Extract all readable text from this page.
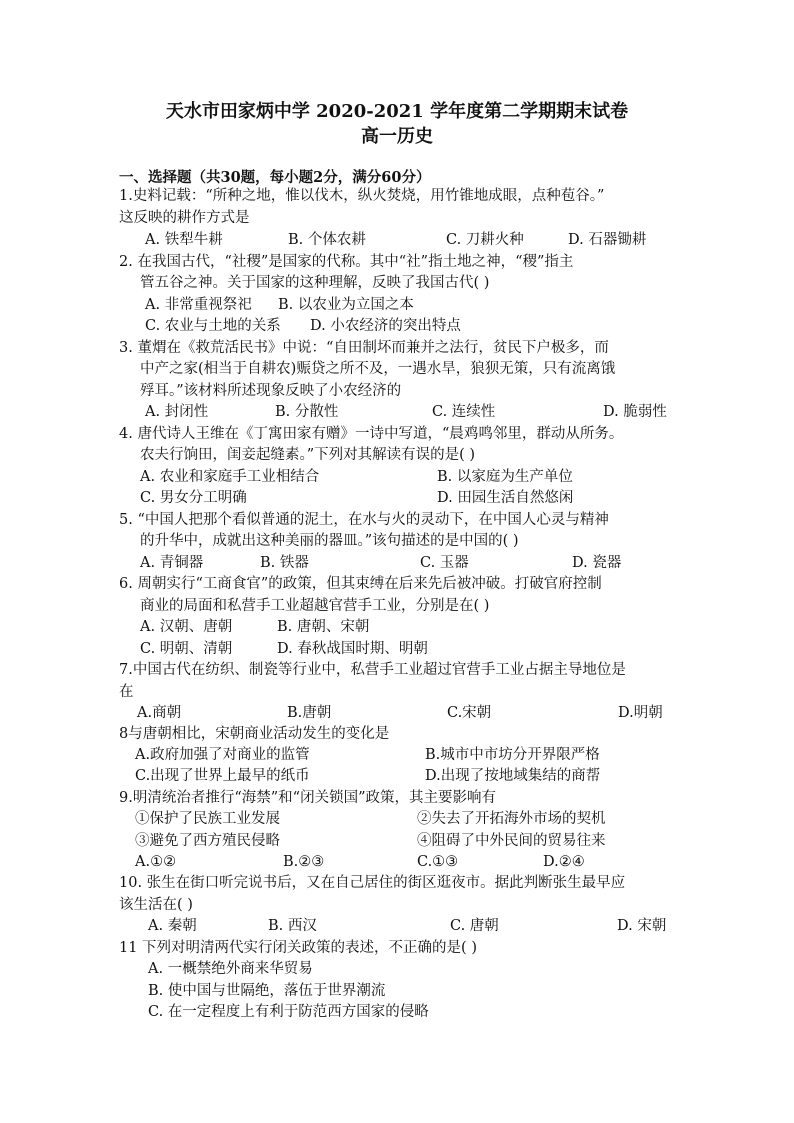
天水市田家炳中学 2020-2021 学年度第二学期期末试卷
高一历史
一、选择题（共30题，每小题2分，满分60分）
1.史料记载：“所种之地，惟以伐木，纵火焚烧，用竹锥地成眼，点种苞谷。”
这反映的耕作方式是
A. 铁犁牛耕	B. 个体农耕	C. 刀耕火种	D. 石器锄耕
2. 在我国古代，“社稷”是国家的代称。其中“社”指土地之神，“稷”指主
管五谷之神。关于国家的这种理解，反映了我国古代( )
A. 非常重视祭祀 B. 以农业为立国之本
C. 农业与土地的关系 D. 小农经济的突出特点
3. 董煟在《救荒活民书》中说：“自田制坏而兼并之法行，贫民下户极多，而
中产之家(相当于自耕农)赈贷之所不及，一遇水旱，狼狈无策，只有流离饿
殍耳。”该材料所述现象反映了小农经济的
A. 封闭性	B. 分散性	C. 连续性	D. 脆弱性
4. 唐代诗人王维在《丁寓田家有赠》一诗中写道，“晨鸡鸣邻里，群动从所务。
农夫行饷田，闺妾起缝素。”下列对其解读有误的是( )
A. 农业和家庭手工业相结合	B. 以家庭为生产单位
C. 男女分工明确	D. 田园生活自然悠闲
5. “中国人把那个看似普通的泥土，在水与火的灵动下，在中国人心灵与精神
的升华中，成就出这种美丽的器皿。”该句描述的是中国的( )
A. 青铜器	B. 铁器	C. 玉器	D. 瓷器
6. 周朝实行“工商食官”的政策，但其束缚在后来先后被冲破。打破官府控制
商业的局面和私营手工业超越官营手工业，分别是在( )
A. 汉朝、唐朝	B. 唐朝、宋朝
C. 明朝、清朝	D. 春秋战国时期、明朝
7.中国古代在纺织、制瓷等行业中，私营手工业超过官营手工业占据主导地位是
在
A.商朝	B.唐朝	C.宋朝	D.明朝
8与唐朝相比，宋朝商业活动发生的变化是
A.政府加强了对商业的监管	B.城市中市坊分开界限严格
C.出现了世界上最早的纸币	D.出现了按地域集结的商帮
9.明清统治者推行“海禁”和“闭关锁国”政策，其主要影响有
①保护了民族工业发展	②失去了开拓海外市场的契机
③避免了西方殖民侵略	④阻碍了中外民间的贸易往来
A.①②	B.②③	C.①③	D.②④
10. 张生在街口听完说书后，又在自己居住的街区逛夜市。据此判断张生最早应
该生活在( )
A. 秦朝	B. 西汉	C. 唐朝	D. 宋朝
11 下列对明清两代实行闭关政策的表述，不正确的是( )
A. 一概禁绝外商来华贸易
B. 使中国与世隔绝，落伍于世界潮流
C. 在一定程度上有利于防范西方国家的侵略
